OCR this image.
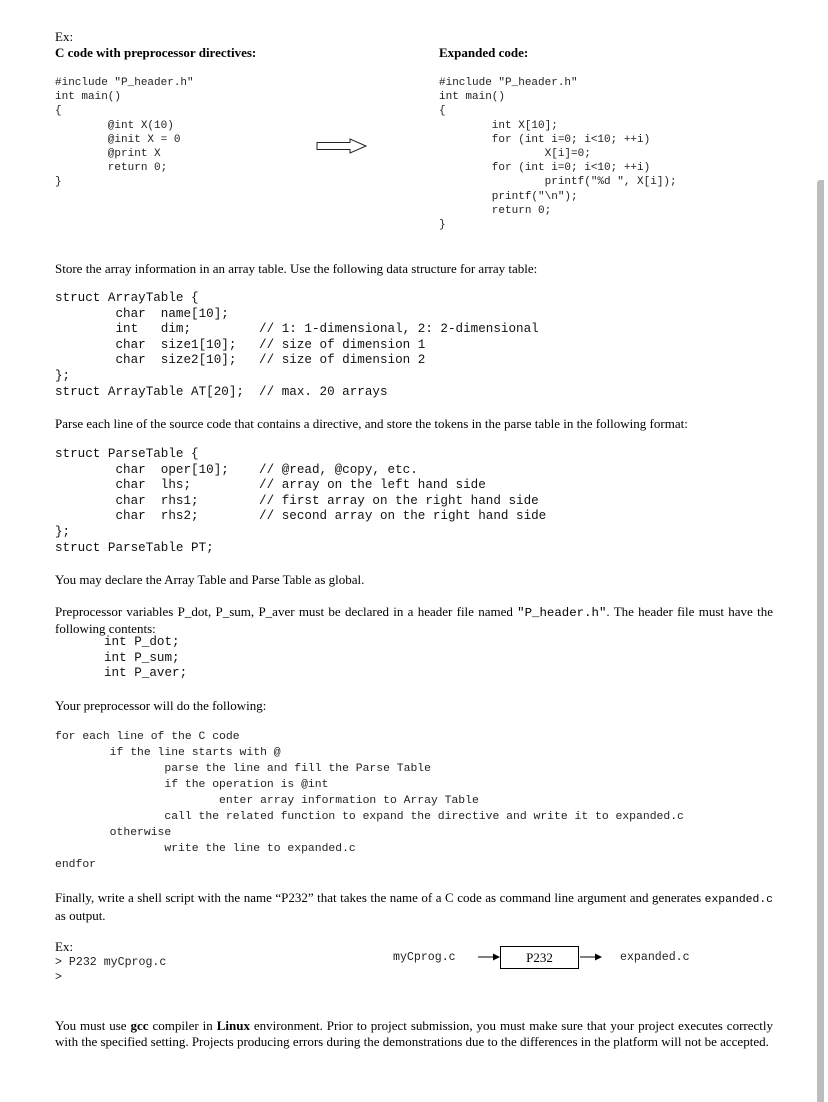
Ex:
C code with preprocessor directives:	Expanded code:
#include "P_header.h"
int main()
{
@int X(10)
@init X = 0
@print X
return 0;
}
#include "P_header.h"
int main()
{
int X[10];
for (int i=0; i<10; ++i)
X[i]=0;
for (int i=0; i<10; ++i)
printf("%d ", X[i]);
printf("\n");
return 0;
}
Store the array information in an array table. Use the following data structure for array table:
struct ArrayTable {
char  name[10];
int   dim;         // 1: 1-dimensional, 2: 2-dimensional
char  size1[10];   // size of dimension 1
char  size2[10];   // size of dimension 2
};
struct ArrayTable AT[20];  // max. 20 arrays
Parse each line of the source code that contains a directive, and store the tokens in the parse table in the following format:
struct ParseTable {
char  oper[10];    // @read, @copy, etc.
char  lhs;         // array on the left hand side
char  rhs1;        // first array on the right hand side
char  rhs2;        // second array on the right hand side
};
struct ParseTable PT;
You may declare the Array Table and Parse Table as global.
Preprocessor variables P_dot, P_sum, P_aver must be declared in a header file named "P_header.h". The header file must have the following contents:
int P_dot;
int P_sum;
int P_aver;
Your preprocessor will do the following:
for each line of the C code
if the line starts with @
parse the line and fill the Parse Table
if the operation is @int
enter array information to Array Table
call the related function to expand the directive and write it to expanded.c
otherwise
write the line to expanded.c
endfor
Finally, write a shell script with the name “P232” that takes the name of a C code as command line argument and generates expanded.c as output.
Ex:
> P232 myCprog.c
>
myCprog.c	P232	expanded.c
You must use gcc compiler in Linux environment. Prior to project submission, you must make sure that your project executes correctly with the specified setting. Projects producing errors during the demonstrations due to the differences in the platform will not be accepted.
